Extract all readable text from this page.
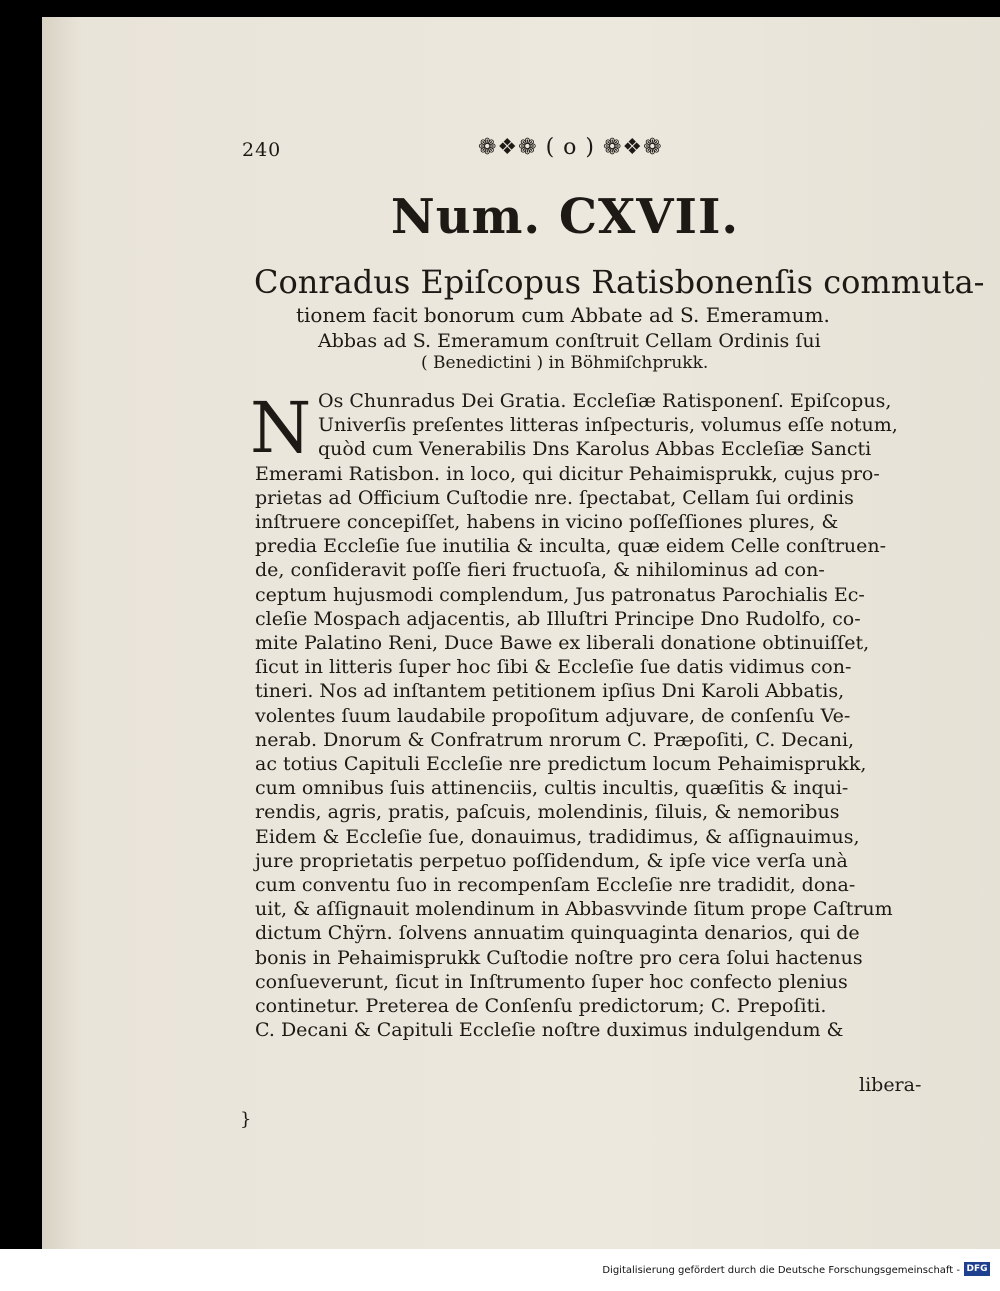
240	❁❖❁ ( o ) ❁❖❁
Num. CXVII.
Conradus Epiſcopus Ratisbonenſis commuta-
tionem facit bonorum cum Abbate ad S. Emeramum.
Abbas ad S. Emeramum conſtruit Cellam Ordinis ſui
( Benedictini ) in Böhmiſchprukk.
N Os Chunradus Dei Gratia. Eccleſiæ Ratisponenſ. Epiſcopus,
Univerſis preſentes litteras inſpecturis, volumus eſſe notum,
quòd cum Venerabilis Dns Karolus Abbas Eccleſiæ Sancti
Emerami Ratisbon. in loco, qui dicitur Pehaimisprukk, cujus pro-
prietas ad Officium Cuſtodie nre. ſpectabat, Cellam ſui ordinis
inſtruere concepiſſet, habens in vicino poſſeſſiones plures, &
predia Eccleſie ſue inutilia & inculta, quæ eidem Celle conſtruen-
de, conſideravit poſſe fieri fructuoſa, & nihilominus ad con-
ceptum hujusmodi complendum, Jus patronatus Parochialis Ec-
cleſie Mospach adjacentis, ab Illuſtri Principe Dno Rudolfo, co-
mite Palatino Reni, Duce Bawe ex liberali donatione obtinuiſſet,
ſicut in litteris ſuper hoc ſibi & Eccleſie ſue datis vidimus con-
tineri. Nos ad inſtantem petitionem ipſius Dni Karoli Abbatis,
volentes ſuum laudabile propoſitum adjuvare, de conſenſu Ve-
nerab. Dnorum & Confratrum nrorum C. Præpoſiti, C. Decani,
ac totius Capituli Eccleſie nre predictum locum Pehaimisprukk,
cum omnibus ſuis attinenciis, cultis incultis, quæſitis & inqui-
rendis, agris, pratis, paſcuis, molendinis, ſiluis, & nemoribus
Eidem & Eccleſie ſue, donauimus, tradidimus, & aſſignauimus,
jure proprietatis perpetuo poſſidendum, & ipſe vice verſa unà
cum conventu ſuo in recompenſam Eccleſie nre tradidit, dona-
uit, & aſſignauit molendinum in Abbasvvinde ſitum prope Caſtrum
dictum Chÿrn. ſolvens annuatim quinquaginta denarios, qui de
bonis in Pehaimisprukk Cuſtodie noſtre pro cera ſolui hactenus
conſueverunt, ſicut in Inſtrumento ſuper hoc confecto plenius
continetur. Preterea de Conſenſu predictorum; C. Prepoſiti.
C. Decani & Capituli Eccleſie noſtre duximus indulgendum &
libera-
}
Digitalisierung gefördert durch die Deutsche Forschungsgemeinschaft - DFG
